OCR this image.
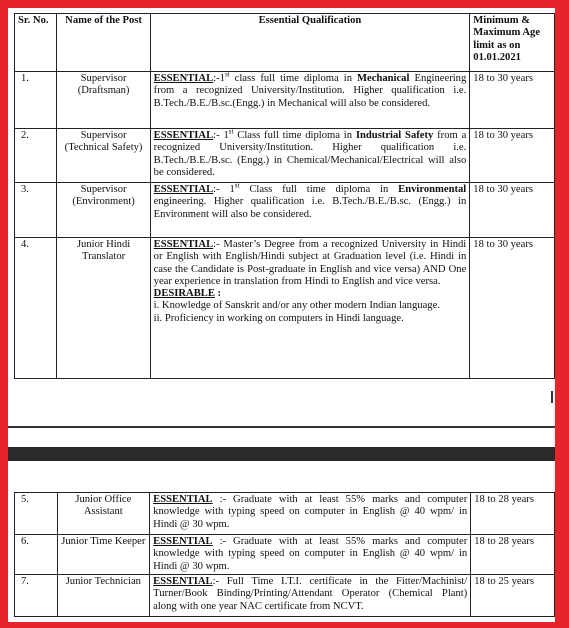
Sr. No.	Name of the Post	Essential Qualification	Minimum & Maximum Age limit as on 01.01.2021
1.	Supervisor (Draftsman)	ESSENTIAL:-1st class full time diploma in Mechanical Engineering from a recognized University/Institution. Higher qualification i.e. B.Tech./B.E./B.sc.(Engg.) in Mechanical will also be considered.	18 to 30 years
2.	Supervisor (Technical Safety)	ESSENTIAL:- 1st Class full time diploma in Industrial Safety from a recognized University/Institution. Higher qualification i.e. B.Tech./B.E./B.sc. (Engg.) in Chemical/Mechanical/Electrical will also be considered.	18 to 30 years
3.	Supervisor (Environment)	ESSENTIAL:- 1st Class full time diploma in Environmental engineering. Higher qualification i.e. B.Tech./B.E./B.sc. (Engg.) in Environment will also be considered.	18 to 30 years
4.	Junior Hindi Translator	ESSENTIAL:- Master’s Degree from a recognized University in Hindi or English with English/Hindi subject at Graduation level (i.e. Hindi in case the Candidate is Post-graduate in English and vice versa) AND One year experience in translation from Hindi to English and vice versa.
DESIRABLE :
i. Knowledge of Sanskrit and/or any other modern Indian language.
ii. Proficiency in working on computers in Hindi language.	18 to 30 years
5.	Junior Office Assistant	ESSENTIAL :- Graduate with at least 55% marks and computer knowledge with typing speed on computer in English @ 40 wpm/ in Hindi @ 30 wpm.	18 to 28 years
6.	Junior Time Keeper	ESSENTIAL :- Graduate with at least 55% marks and computer knowledge with typing speed on computer in English @ 40 wpm/ in Hindi @ 30 wpm.	18 to 28 years
7.	Junior Technician	ESSENTIAL:- Full Time I.T.I. certificate in the Fitter/Machinist/ Turner/Book Binding/Printing/Attendant Operator (Chemical Plant) along with one year NAC certificate from NCVT.	18 to 25 years
